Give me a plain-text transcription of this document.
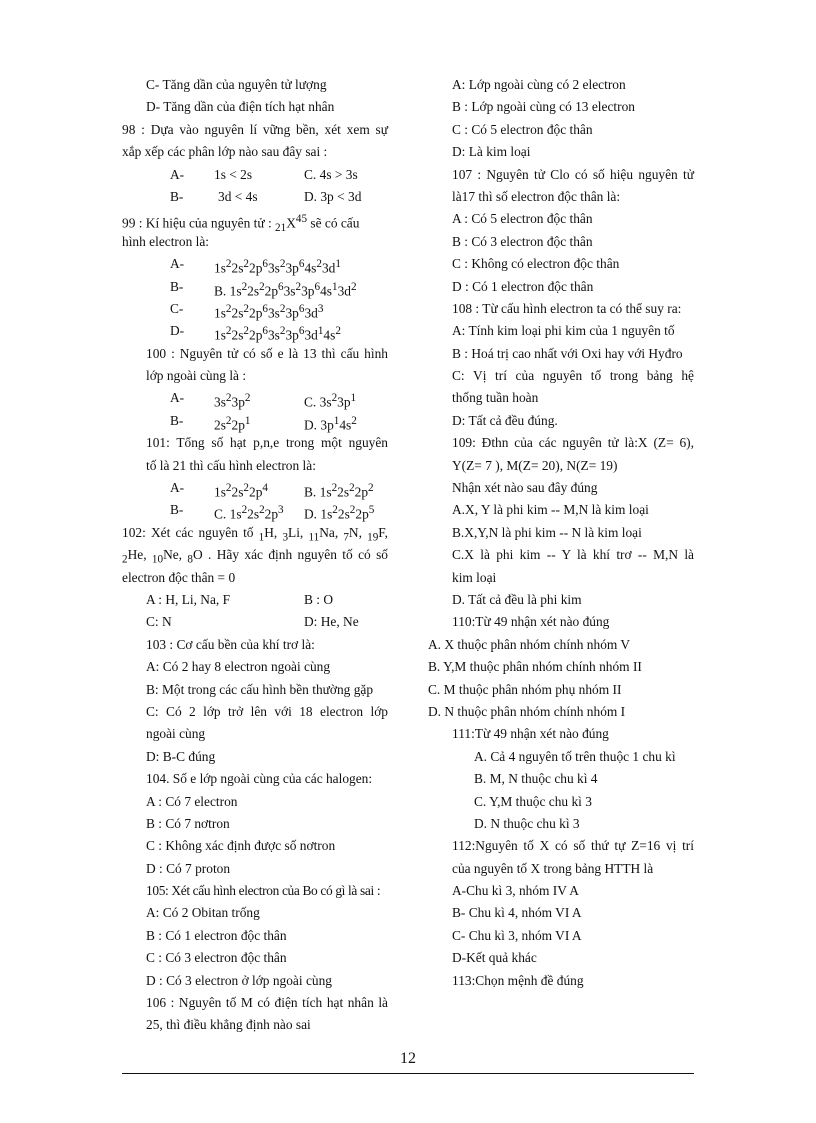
C- Tăng dần của nguyên tử lượng
D- Tăng dần của điện tích hạt nhân
98 : Dựa vào nguyên lí vững bền, xét xem sự
xắp xếp các phân lớp nào sau đây sai :
A- 1s < 2s	C. 4s > 3s
B-	3d < 4s	D. 3p < 3d
99 : Kí hiệu của nguyên tử : $_{21}X^{45}$ sẽ có cấu
hình electron là:
A- $1s^22s^22p^63s^23p^64s^23d^1$
B- B. $1s^22s^22p^63s^23p^64s^13d^2$
C- $1s^22s^22p^63s^23p^63d^3$
D- $1s^22s^22p^63s^23p^63d^14s^2$
100 : Nguyên tử có số e là 13 thì cấu hình
lớp ngoài cùng là :
A- $3s^23p^2$	C. $3s^23p^1$
B- $2s^22p^1$	D. $3p^14s^2$
101: Tổng số hạt p,n,e trong một nguyên
tố là 21 thì cấu hình electron là:
A- $1s^22s^22p^4$	B. $1s^22s^22p^2$
B- C. $1s^22s^22p^3$ D. $1s^22s^22p^5$
102: Xét các nguyên tố $_1$H, $_3$Li, $_{11}$Na, $_7$N, $_{19}$F,
$_2$He, $_{10}$Ne, $_8$O . Hãy xác định nguyên tố có số
electron độc thân = 0
A : H, Li, Na, F	B : O
C: N	D: He, Ne
103 : Cơ cấu bền của khí trơ là:
A: Có 2 hay 8 electron ngoài cùng
B: Một trong các cấu hình bền thường gặp
C: Có 2 lớp trở lên với 18 electron lớp
ngoài cùng
D: B-C đúng
104. Số e lớp ngoài cùng của các halogen:
A : Có 7 electron
B : Có 7 nơtron
C : Không xác định được số nơtron
D : Có 7 proton
105: Xét cấu hình electron của Bo có gì là sai :
A: Có 2 Obitan trống
B : Có 1 electron độc thân
C : Có 3 electron độc thân
D : Có 3 electron ở lớp ngoài cùng
106 : Nguyên tố M có điện tích hạt nhân là
25, thì điều khẳng định nào sai
A: Lớp ngoài cùng có 2 electron
B : Lớp ngoài cùng có 13 electron
C : Có 5 electron độc thân
D: Là kim loại
107 : Nguyên tử Clo có số hiệu nguyên tử
là17 thì số electron độc thân là:
A : Có 5 electron độc thân
B : Có 3 electron độc thân
C : Không có electron độc thân
D : Có 1 electron độc thân
108 : Từ cấu hình electron ta có thể suy ra:
A: Tính kim loại phi kim của 1 nguyên tố
B : Hoá trị cao nhất với Oxi hay với Hyđro
C: Vị trí của nguyên tố trong bảng hệ
thống tuần hoàn
D: Tất cả đều đúng.
109: Đthn của các nguyên tử là:X (Z= 6),
Y(Z= 7 ), M(Z= 20), N(Z= 19)
Nhận xét nào sau đây đúng
A.X, Y là phi kim -- M,N là kim loại
B.X,Y,N là phi kim -- N là kim loại
C.X là phi kim -- Y là khí trơ -- M,N là
kim loại
D. Tất cả đều là phi kim
110:Từ 49 nhận xét nào đúng
A. X thuộc phân nhóm chính nhóm V
B. Y,M thuộc phân nhóm chính nhóm II
C. M thuộc phân nhóm phụ nhóm II
D. N thuộc phân nhóm chính nhóm I
111:Từ 49 nhận xét nào đúng
A. Cả 4 nguyên tố trên thuộc 1 chu kì
B. M, N thuộc chu kì 4
C. Y,M thuộc chu kì 3
D. N thuộc chu kì 3
112:Nguyên tố X có số thứ tự Z=16 vị trí
của nguyên tố X trong bảng HTTH là
A-Chu kì 3, nhóm IV A
B- Chu kì 4, nhóm VI A
C- Chu kì 3, nhóm VI A
D-Kết quả khác
113:Chọn mệnh đề đúng
12
